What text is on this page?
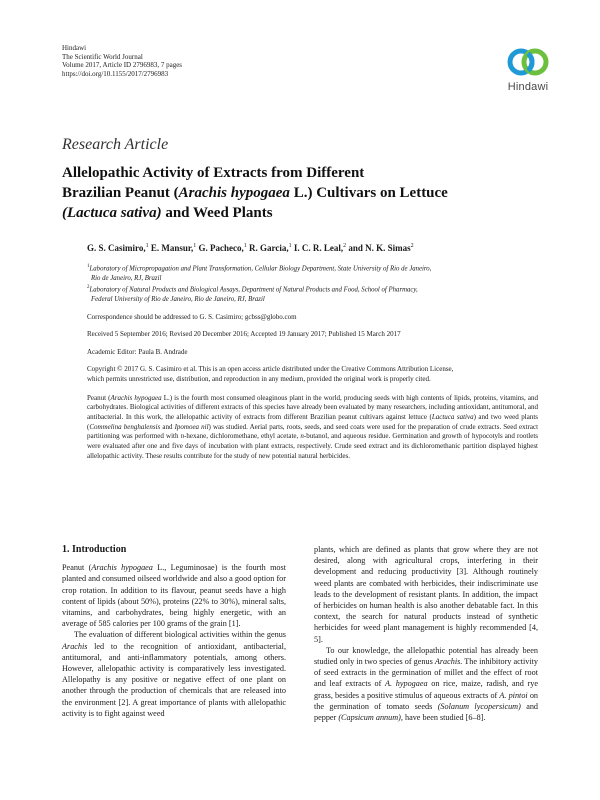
Hindawi
The Scientific World Journal
Volume 2017, Article ID 2796983, 7 pages
https://doi.org/10.1155/2017/2796983
Hindawi
Research Article
Allelopathic Activity of Extracts from Different
Brazilian Peanut (Arachis hypogaea L.) Cultivars on Lettuce
(Lactuca sativa) and Weed Plants
G. S. Casimiro,$^1$ E. Mansur,$^1$ G. Pacheco,$^1$ R. Garcia,$^1$ I. C. R. Leal,$^2$ and N. K. Simas$^2$
$^1$Laboratory of Micropropagation and Plant Transformation, Cellular Biology Department, State University of Rio de Janeiro,
Rio de Janeiro, RJ, Brazil
$^2$Laboratory of Natural Products and Biological Assays, Department of Natural Products and Food, School of Pharmacy,
Federal University of Rio de Janeiro, Rio de Janeiro, RJ, Brazil
Correspondence should be addressed to G. S. Casimiro; gcbss@globo.com
Received 5 September 2016; Revised 20 December 2016; Accepted 19 January 2017; Published 15 March 2017
Academic Editor: Paula B. Andrade
Copyright © 2017 G. S. Casimiro et al. This is an open access article distributed under the Creative Commons Attribution License,
which permits unrestricted use, distribution, and reproduction in any medium, provided the original work is properly cited.
Peanut (Arachis hypogaea L.) is the fourth most consumed oleaginous plant in the world, producing seeds with high contents of lipids, proteins, vitamins, and carbohydrates. Biological activities of different extracts of this species have already been evaluated by many researchers, including antioxidant, antitumoral, and antibacterial. In this work, the allelopathic activity of extracts from different Brazilian peanut cultivars against lettuce (Lactuca sativa) and two weed plants (Commelina benghalensis and Ipomoea nil) was studied. Aerial parts, roots, seeds, and seed coats were used for the preparation of crude extracts. Seed extract partitioning was performed with n-hexane, dichloromethane, ethyl acetate, n-butanol, and aqueous residue. Germination and growth of hypocotyls and rootlets were evaluated after one and five days of incubation with plant extracts, respectively. Crude seed extract and its dichloromethanic partition displayed highest allelopathic activity. These results contribute for the study of new potential natural herbicides.
1. Introduction

Peanut (Arachis hypogaea L., Leguminosae) is the fourth most planted and consumed oilseed worldwide and also a good option for crop rotation. In addition to its flavour, peanut seeds have a high content of lipids (about 50%), proteins (22% to 30%), mineral salts, vitamins, and carbohydrates, being highly energetic, with an average of 585 calories per 100 grams of the grain [1].

The evaluation of different biological activities within the genus Arachis led to the recognition of antioxidant, antibacterial, antitumoral, and anti-inflammatory potentials, among others. However, allelopathic activity is comparatively less investigated. Allelopathy is any positive or negative effect of one plant on another through the production of chemicals that are released into the environment [2]. A great importance of plants with allelopathic activity is to fight against weed

plants, which are defined as plants that grow where they are not desired, along with agricultural crops, interfering in their development and reducing productivity [3]. Although routinely weed plants are combated with herbicides, their indiscriminate use leads to the development of resistant plants. In addition, the impact of herbicides on human health is also another debatable fact. In this context, the search for natural products instead of synthetic herbicides for weed plant management is highly recommended [4, 5].

To our knowledge, the allelopathic potential has already been studied only in two species of genus Arachis. The inhibitory activity of seed extracts in the germination of millet and the effect of root and leaf extracts of A. hypogaea on rice, maize, radish, and rye grass, besides a positive stimulus of aqueous extracts of A. pintoi on the germination of tomato seeds (Solanum lycopersicum) and pepper (Capsicum annum), have been studied [6–8].
